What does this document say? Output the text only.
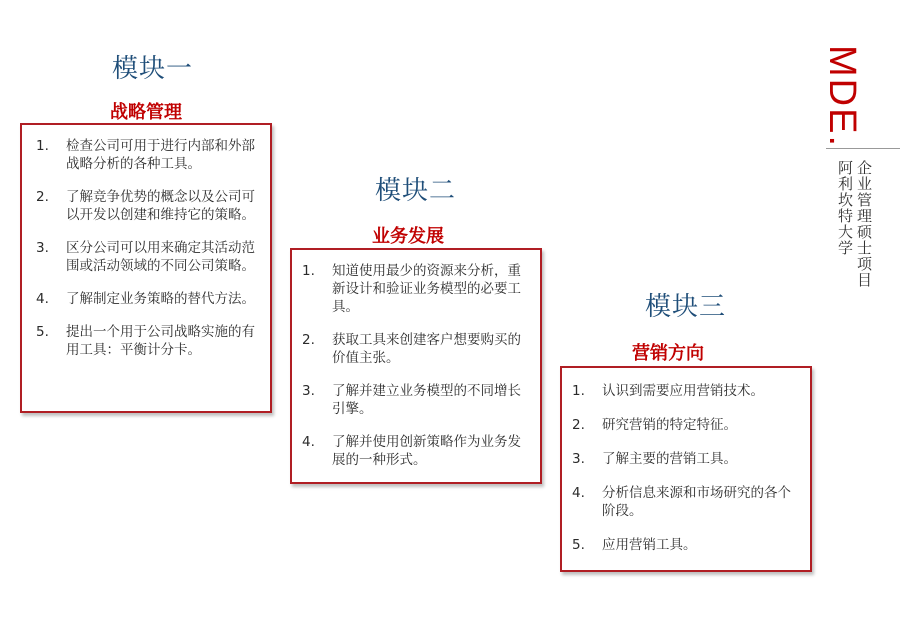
模块一
战略管理
1.	检查公司可用于进行内部和外部战略分析的各种工具。
2.	了解竞争优势的概念以及公司可以开发以创建和维持它的策略。
3.	区分公司可以用来确定其活动范围或活动领域的不同公司策略。
4.	了解制定业务策略的替代方法。
5.	提出一个用于公司战略实施的有用工具：平衡计分卡。
模块二
业务发展
1.	知道使用最少的资源来分析，重新设计和验证业务模型的必要工具。
2.	获取工具来创建客户想要购买的价值主张。
3.	了解并建立业务模型的不同增长引擎。
4.	了解并使用创新策略作为业务发展的一种形式。
模块三
营销方向
1.	认识到需要应用营销技术。
2.	研究营销的特定特征。
3.	了解主要的营销工具。
4.	分析信息来源和市场研究的各个阶段。
5.	应用营销工具。
MDE.
企业管理硕士项目
阿利坎特大学
